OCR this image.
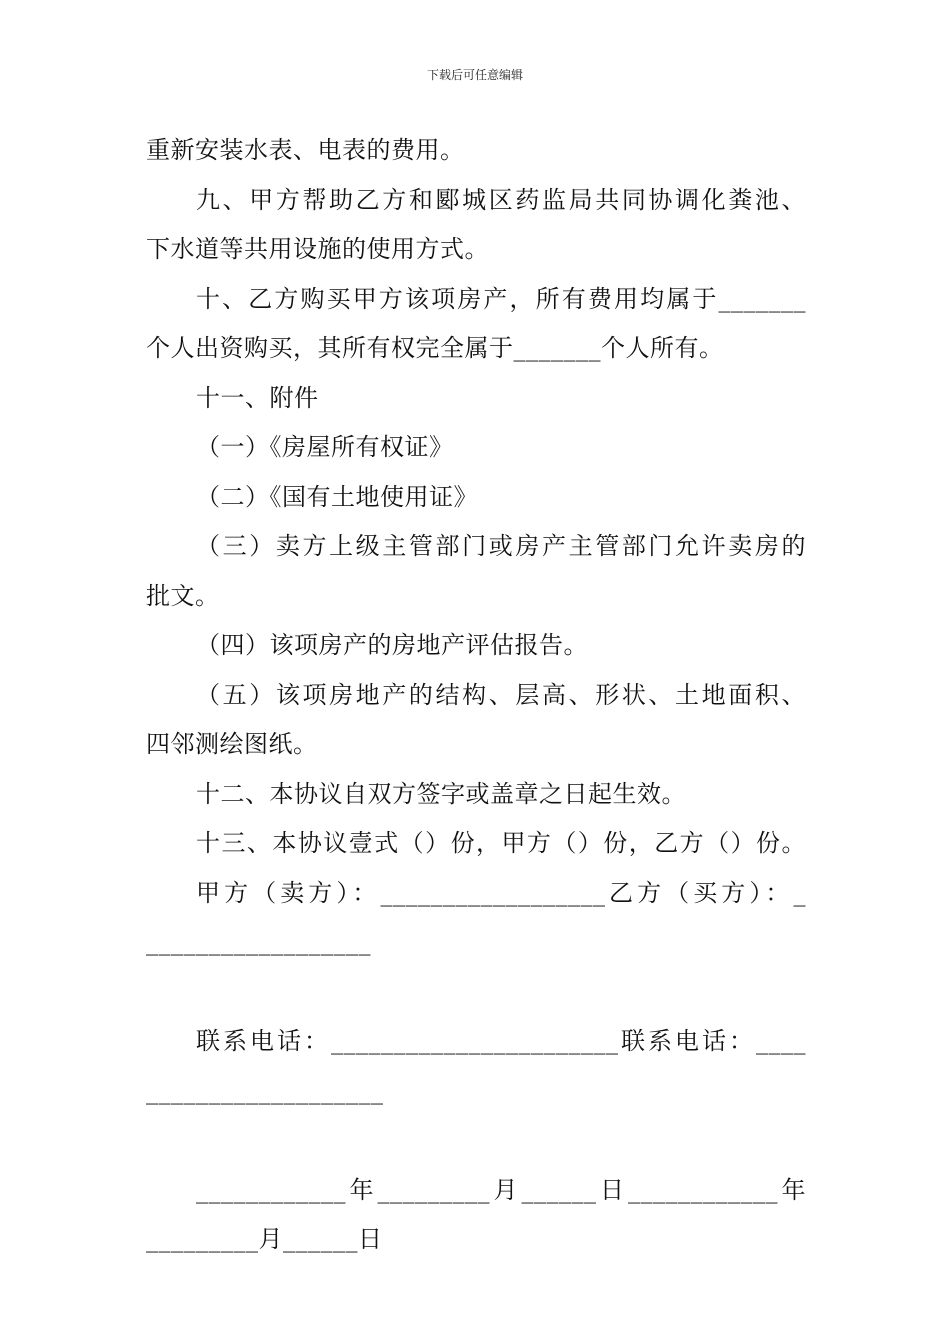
下载后可任意编辑
重新安装水表、电表的费用。
九、甲方帮助乙方和郾城区药监局共同协调化粪池、
下水道等共用设施的使用方式。
十、乙方购买甲方该项房产，所有费用均属于_______
个人出资购买，其所有权完全属于_______个人所有。
十一、附件
（一）《房屋所有权证》
（二）《国有土地使用证》
（三）卖方上级主管部门或房产主管部门允许卖房的
批文。
（四）该项房产的房地产评估报告。
（五）该项房地产的结构、层高、形状、土地面积、
四邻测绘图纸。
十二、本协议自双方签字或盖章之日起生效。
十三、本协议壹式（）份，甲方（）份，乙方（）份。
甲方（卖方）：__________________乙方（买方）：_
__________________
联系电话：_______________________联系电话：____
___________________
____________年_________月______日____________年
_________月______日
